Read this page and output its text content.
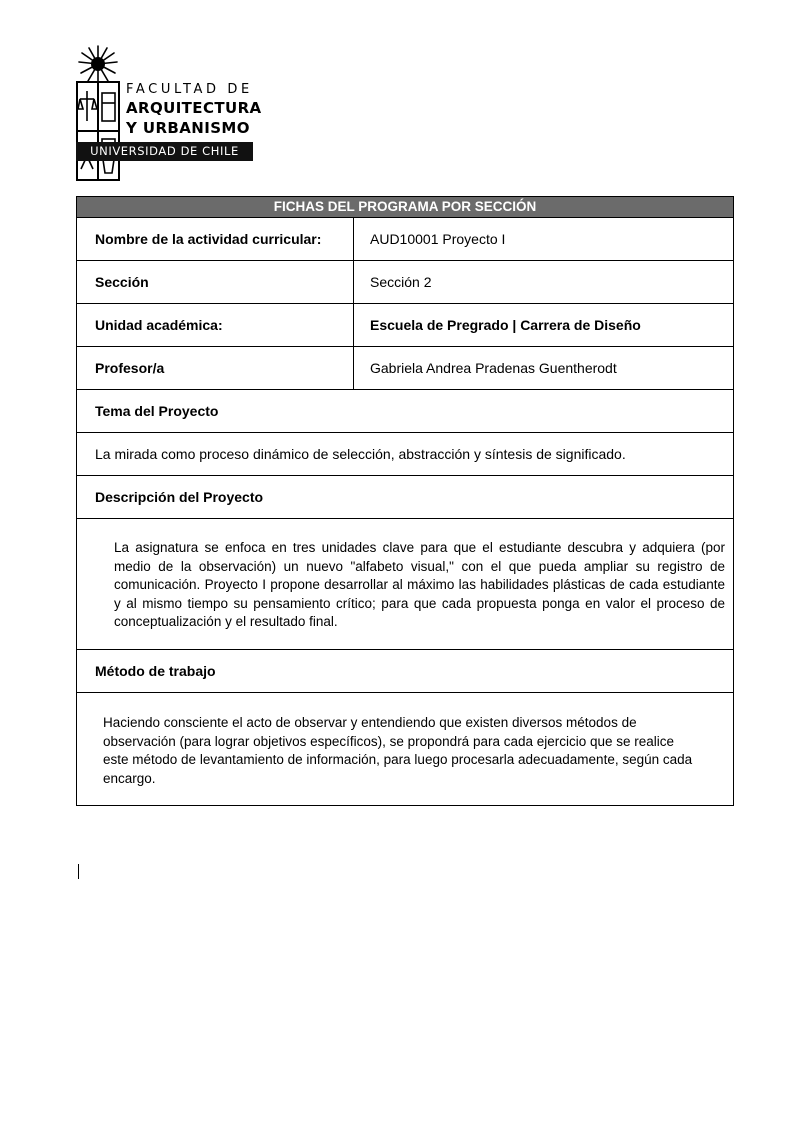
FACULTAD DE
ARQUITECTURA
Y URBANISMO
UNIVERSIDAD DE CHILE
FICHAS DEL PROGRAMA POR SECCIÓN
Nombre de la actividad curricular:	AUD10001 Proyecto I
Sección	Sección 2
Unidad académica:	Escuela de Pregrado | Carrera de Diseño
Profesor/a	Gabriela Andrea Pradenas Guentherodt
Tema del Proyecto
La mirada como proceso dinámico de selección, abstracción y síntesis de significado.
Descripción del Proyecto
La asignatura se enfoca en tres unidades clave para que el estudiante descubra y adquiera (por medio de la observación) un nuevo "alfabeto visual," con el que pueda ampliar su registro de comunicación. Proyecto I propone desarrollar al máximo las habilidades plásticas de cada estudiante y al mismo tiempo su pensamiento crítico; para que cada propuesta ponga en valor el proceso de conceptualización y el resultado final.
Método de trabajo
Haciendo consciente el acto de observar y entendiendo que existen diversos métodos de observación (para lograr objetivos específicos), se propondrá para cada ejercicio que se realice este método de levantamiento de información, para luego procesarla adecuadamente, según cada encargo.
